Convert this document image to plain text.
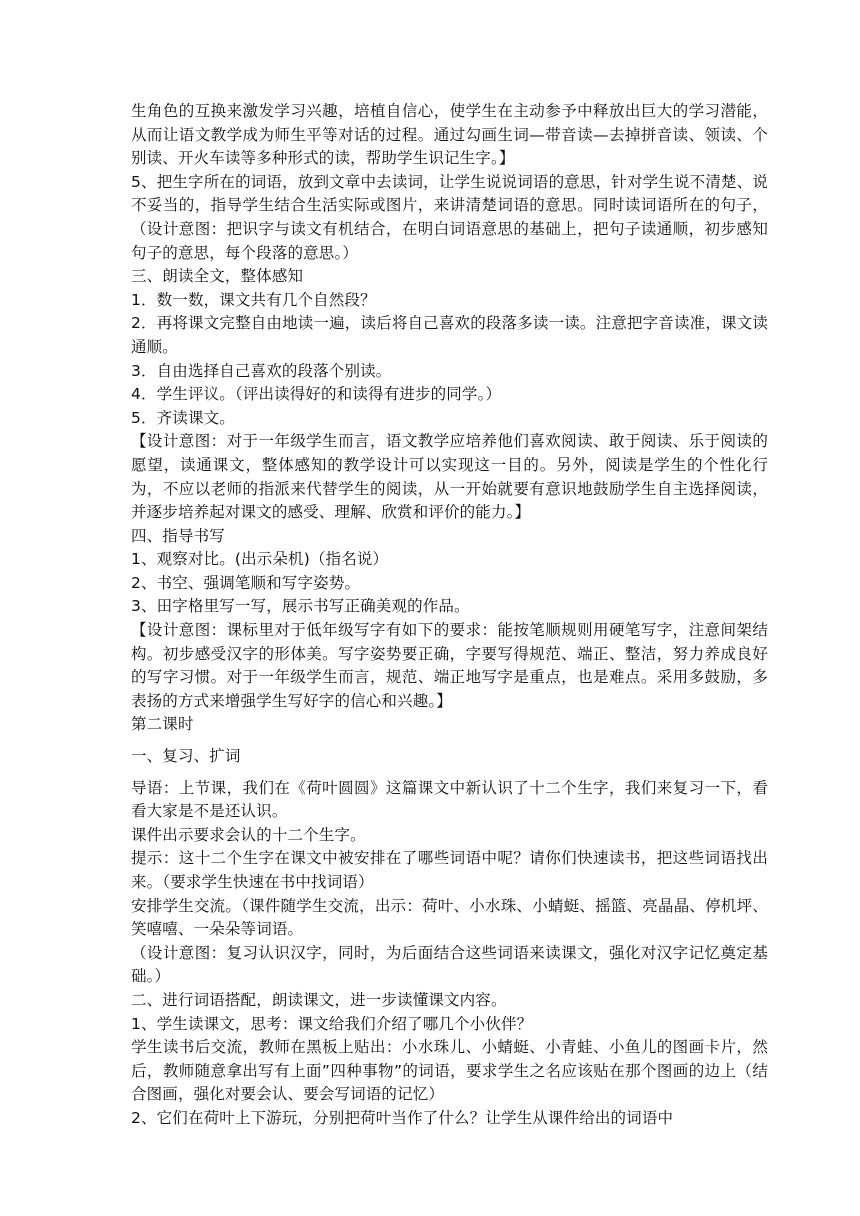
生角色的互换来激发学习兴趣，培植自信心，使学生在主动参予中释放出巨大的学习潜能，从而让语文教学成为师生平等对话的过程。通过勾画生词—带音读—去掉拼音读、领读、个别读、开火车读等多种形式的读，帮助学生识记生字。】

5、把生字所在的词语，放到文章中去读词，让学生说说词语的意思，针对学生说不清楚、说不妥当的，指导学生结合生活实际或图片，来讲清楚词语的意思。同时读词语所在的句子，（设计意图：把识字与读文有机结合，在明白词语意思的基础上，把句子读通顺，初步感知句子的意思，每个段落的意思。）

三、朗读全文，整体感知

1．数一数，课文共有几个自然段？

2．再将课文完整自由地读一遍，读后将自己喜欢的段落多读一读。注意把字音读准，课文读通顺。

3．自由选择自己喜欢的段落个别读。

4．学生评议。（评出读得好的和读得有进步的同学。）

5．齐读课文。

【设计意图：对于一年级学生而言，语文教学应培养他们喜欢阅读、敢于阅读、乐于阅读的愿望，读通课文，整体感知的教学设计可以实现这一目的。另外，阅读是学生的个性化行为，不应以老师的指派来代替学生的阅读，从一开始就要有意识地鼓励学生自主选择阅读，并逐步培养起对课文的感受、理解、欣赏和评价的能力。】

四、指导书写

1、观察对比。(出示朵机)（指名说）

2、书空、强调笔顺和写字姿势。

3、田字格里写一写，展示书写正确美观的作品。

【设计意图：课标里对于低年级写字有如下的要求：能按笔顺规则用硬笔写字，注意间架结构。初步感受汉字的形体美。写字姿势要正确，字要写得规范、端正、整洁，努力养成良好的写字习惯。对于一年级学生而言，规范、端正地写字是重点，也是难点。采用多鼓励，多表扬的方式来增强学生写好字的信心和兴趣。】

第二课时

一、复习、扩词

导语：上节课，我们在《荷叶圆圆》这篇课文中新认识了十二个生字，我们来复习一下，看看大家是不是还认识。

课件出示要求会认的十二个生字。

提示：这十二个生字在课文中被安排在了哪些词语中呢？请你们快速读书，把这些词语找出来。（要求学生快速在书中找词语）

安排学生交流。（课件随学生交流，出示：荷叶、小水珠、小蜻蜓、摇篮、亮晶晶、停机坪、笑嘻嘻、一朵朵等词语。

（设计意图：复习认识汉字，同时，为后面结合这些词语来读课文，强化对汉字记忆奠定基础。）

二、进行词语搭配，朗读课文，进一步读懂课文内容。

1、学生读课文，思考：课文给我们介绍了哪几个小伙伴？

学生读书后交流，教师在黑板上贴出：小水珠儿、小蜻蜓、小青蛙、小鱼儿的图画卡片，然后，教师随意拿出写有上面”四种事物”的词语，要求学生之名应该贴在那个图画的边上（结合图画，强化对要会认、要会写词语的记忆）

2、它们在荷叶上下游玩，分别把荷叶当作了什么？让学生从课件给出的词语中
